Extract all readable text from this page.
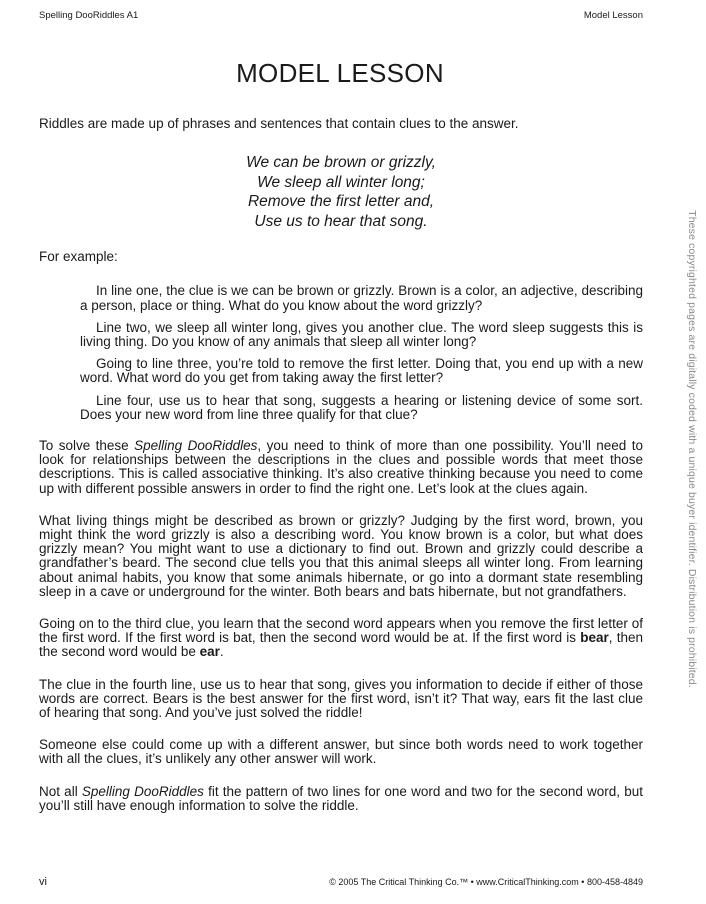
Spelling DooRiddles A1	Model Lesson
MODEL LESSON

Riddles are made up of phrases and sentences that contain clues to the answer.

We can be brown or grizzly,
We sleep all winter long;
Remove the first letter and,
Use us to hear that song.

For example:

In line one, the clue is we can be brown or grizzly. Brown is a color, an adjective, describing a person, place or thing. What do you know about the word grizzly?

Line two, we sleep all winter long, gives you another clue. The word sleep suggests this is living thing. Do you know of any animals that sleep all winter long?

Going to line three, you’re told to remove the first letter. Doing that, you end up with a new word. What word do you get from taking away the first letter?

Line four, use us to hear that song, suggests a hearing or listening device of some sort. Does your new word from line three qualify for that clue?

To solve these Spelling DooRiddles, you need to think of more than one possibility. You’ll need to look for relationships between the descriptions in the clues and possible words that meet those descriptions. This is called associative thinking. It’s also creative thinking because you need to come up with different possible answers in order to find the right one. Let’s look at the clues again.

What living things might be described as brown or grizzly? Judging by the first word, brown, you might think the word grizzly is also a describing word. You know brown is a color, but what does grizzly mean? You might want to use a dictionary to find out. Brown and grizzly could describe a grandfather’s beard. The second clue tells you that this animal sleeps all winter long. From learning about animal habits, you know that some animals hibernate, or go into a dormant state resembling sleep in a cave or underground for the winter. Both bears and bats hibernate, but not grandfathers.

Going on to the third clue, you learn that the second word appears when you remove the first letter of the first word. If the first word is bat, then the second word would be at. If the first word is bear, then the second word would be ear.

The clue in the fourth line, use us to hear that song, gives you information to decide if either of those words are correct. Bears is the best answer for the first word, isn’t it? That way, ears fit the last clue of hearing that song. And you’ve just solved the riddle!

Someone else could come up with a different answer, but since both words need to work together with all the clues, it’s unlikely any other answer will work.

Not all Spelling DooRiddles fit the pattern of two lines for one word and two for the second word, but you’ll still have enough information to solve the riddle.

These copyrighted pages are digitally coded with a unique buyer identifier. Distribution is prohibited.
vi	© 2005 The Critical Thinking Co.™ • www.CriticalThinking.com • 800-458-4849
